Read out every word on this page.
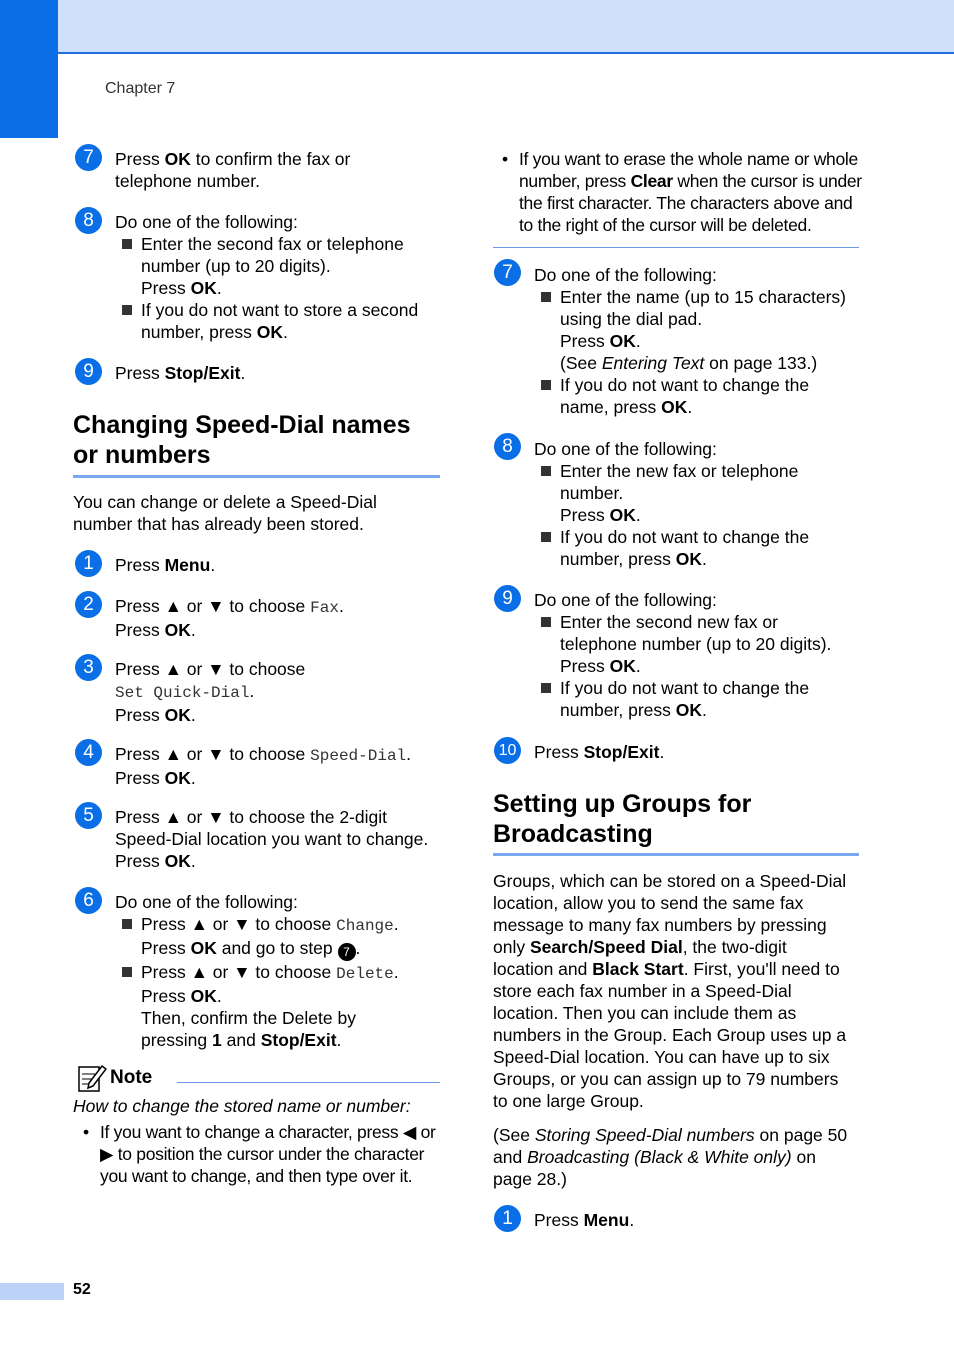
Chapter 7
7	Press OK to confirm the fax or
telephone number.
8	Do one of the following:
Enter the second fax or telephone
number (up to 20 digits).
Press OK.
If you do not want to store a second
number, press OK.
9	Press Stop/Exit.
Changing Speed-Dial names
or numbers
You can change or delete a Speed-Dial
number that has already been stored.
1	Press Menu.
2	Press ▲ or ▼ to choose Fax.
Press OK.
3	Press ▲ or ▼ to choose
Set Quick-Dial.
Press OK.
4	Press ▲ or ▼ to choose Speed-Dial.
Press OK.
5	Press ▲ or ▼ to choose the 2-digit
Speed-Dial location you want to change.
Press OK.
6	Do one of the following:
Press ▲ or ▼ to choose Change.
Press OK and go to step 7 .
Press ▲ or ▼ to choose Delete.
Press OK.
Then, confirm the Delete by
pressing 1 and Stop/Exit.
Note
How to change the stored name or number:
• If you want to change a character, press ◀ or
▶ to position the cursor under the character
you want to change, and then type over it.
• If you want to erase the whole name or whole
number, press Clear when the cursor is under
the first character. The characters above and
to the right of the cursor will be deleted.
7	Do one of the following:
Enter the name (up to 15 characters)
using the dial pad.
Press OK.
(See Entering Text on page 133.)
If you do not want to change the
name, press OK.
8	Do one of the following:
Enter the new fax or telephone
number.
Press OK.
If you do not want to change the
number, press OK.
9	Do one of the following:
Enter the second new fax or
telephone number (up to 20 digits).
Press OK.
If you do not want to change the
number, press OK.
10 Press Stop/Exit.
Setting up Groups for
Broadcasting
Groups, which can be stored on a Speed-Dial
location, allow you to send the same fax
message to many fax numbers by pressing
only Search/Speed Dial, the two-digit
location and Black Start. First, you'll need to
store each fax number in a Speed-Dial
location. Then you can include them as
numbers in the Group. Each Group uses up a
Speed-Dial location. You can have up to six
Groups, or you can assign up to 79 numbers
to one large Group.
(See Storing Speed-Dial numbers on page 50
and Broadcasting (Black & White only) on
page 28.)
1	Press Menu.
52
